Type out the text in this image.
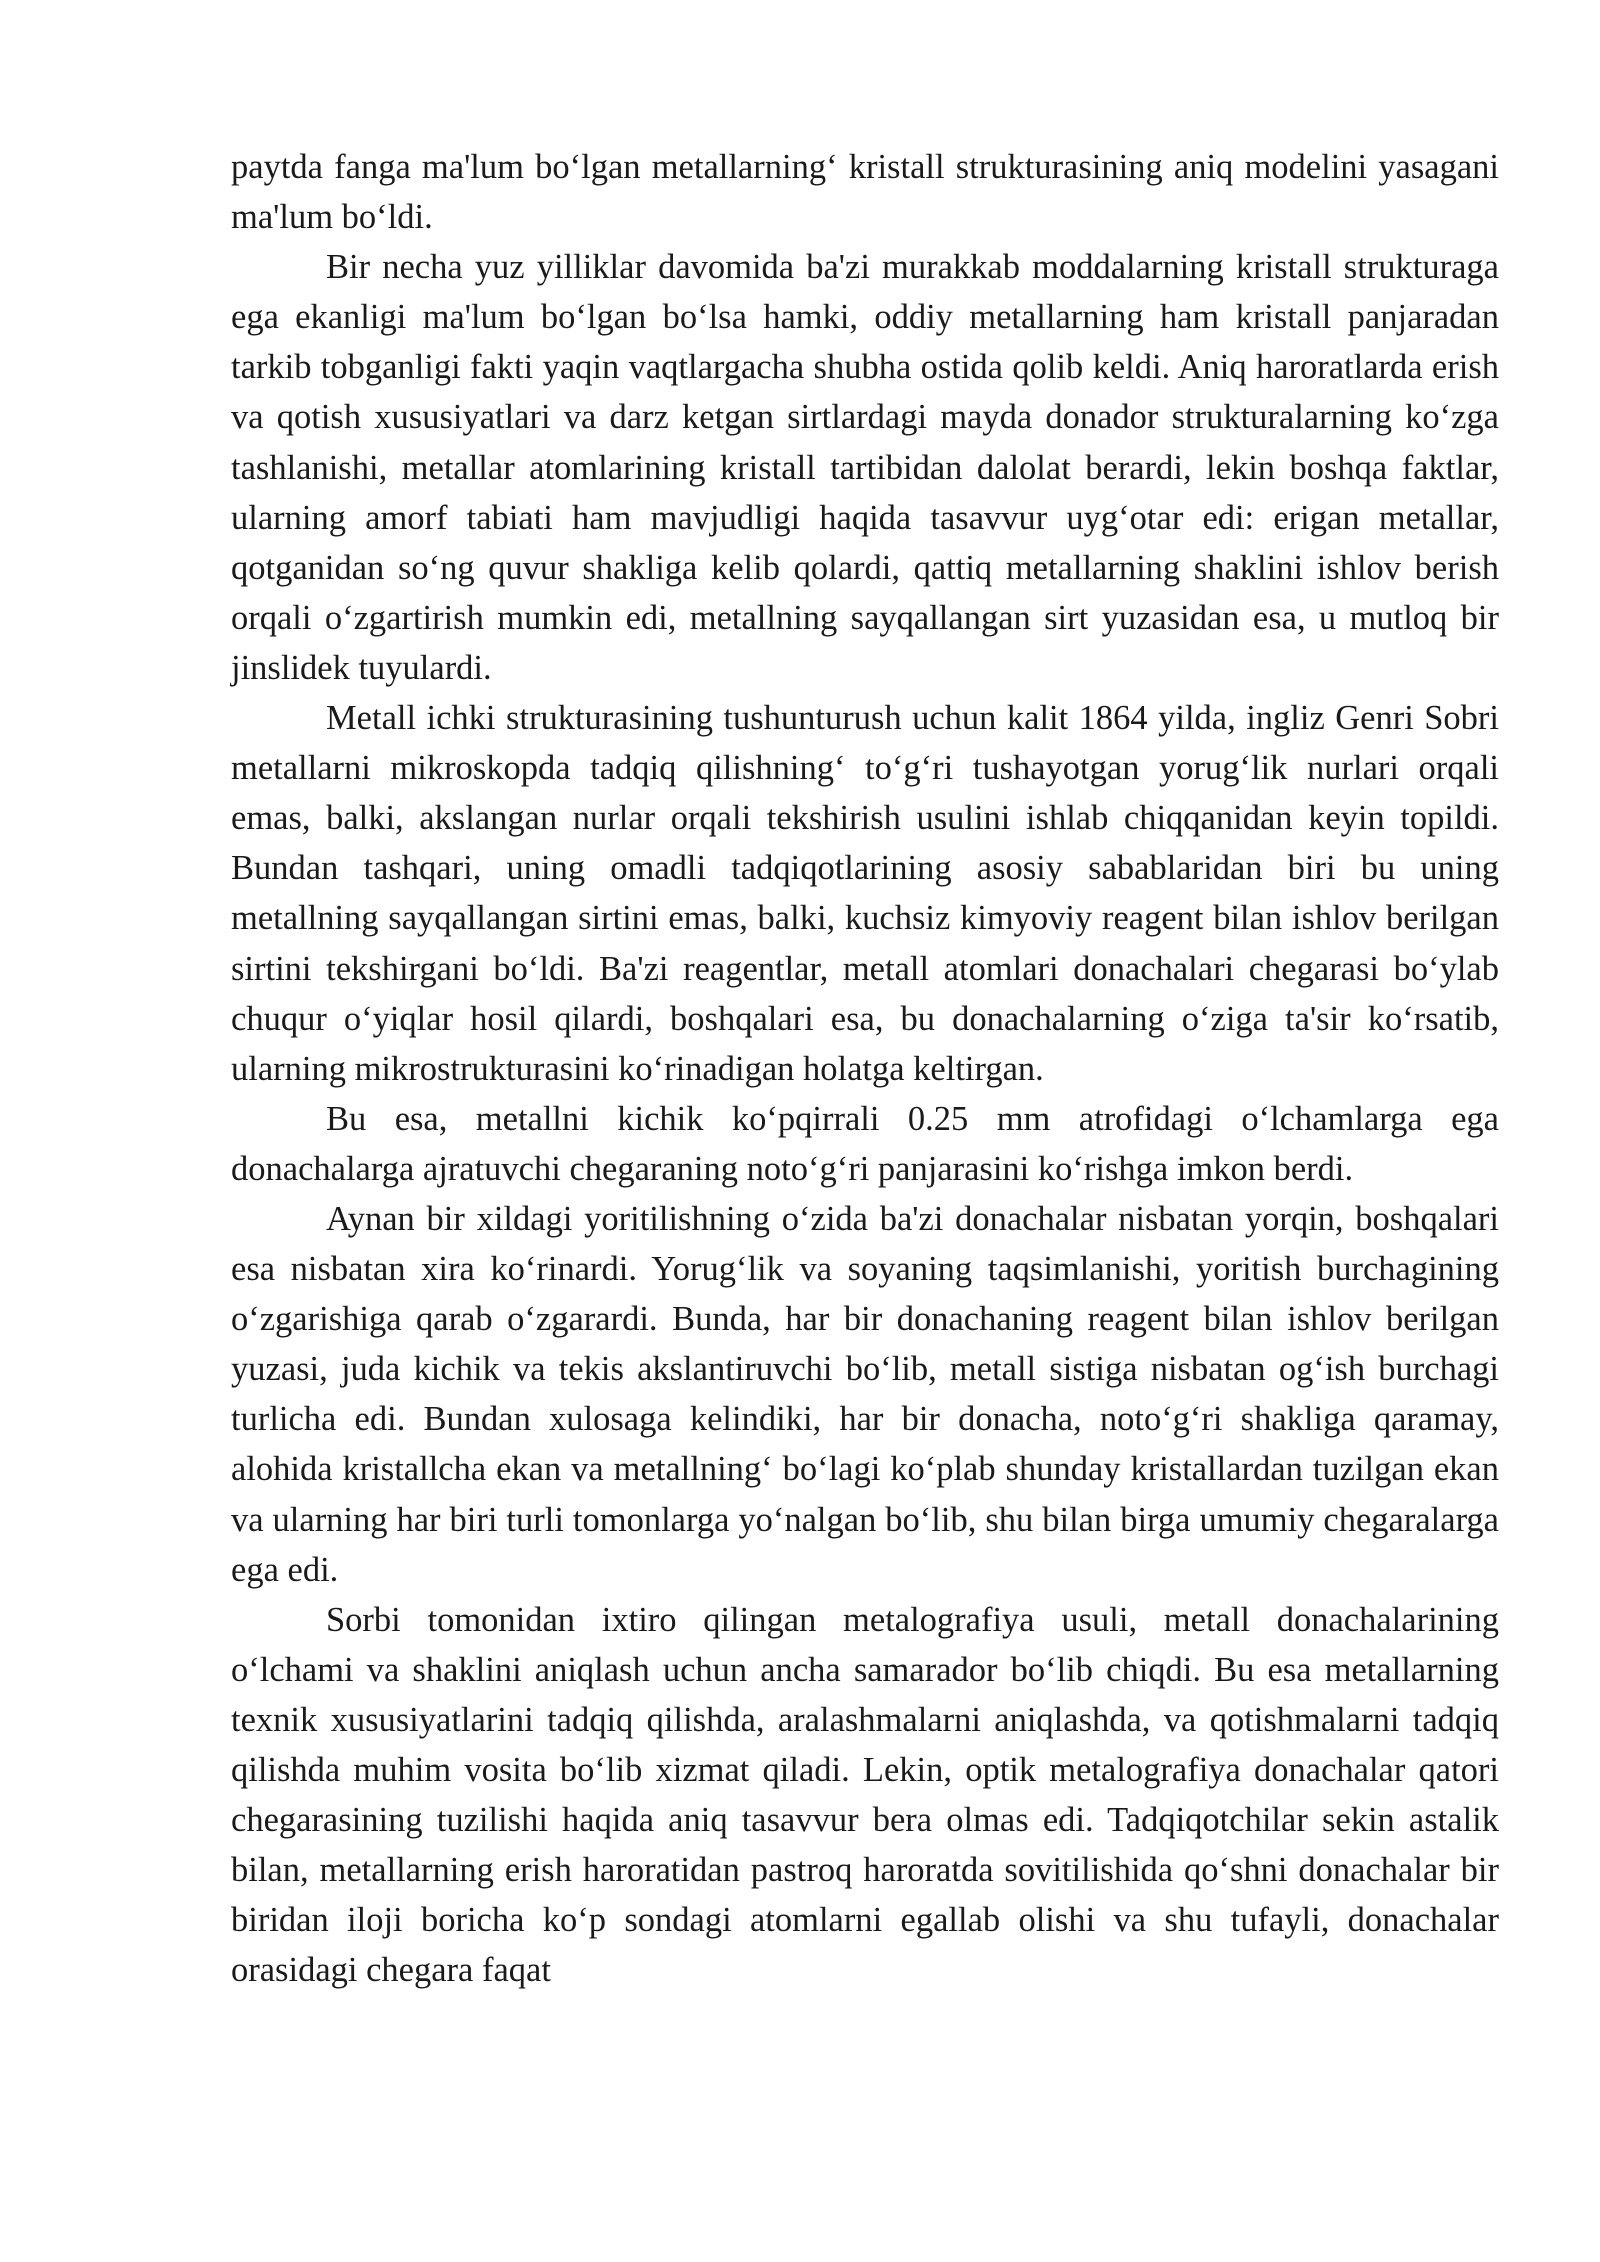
paytda fanga ma'lum bo‘lgan metallarning‘ kristall strukturasining aniq modelini yasagani ma'lum bo‘ldi.

Bir necha yuz yilliklar davomida ba'zi murakkab moddalarning kristall strukturaga ega ekanligi ma'lum bo‘lgan bo‘lsa hamki, oddiy metallarning ham kristall panjaradan tarkib tobganligi fakti yaqin vaqtlargacha shubha ostida qolib keldi. Aniq haroratlarda erish va qotish xususiyatlari va darz ketgan sirtlardagi mayda donador strukturalarning ko‘zga tashlanishi, metallar atomlarining kristall tartibidan dalolat berardi, lekin boshqa faktlar, ularning amorf tabiati ham mavjudligi haqida tasavvur uyg‘otar edi: erigan metallar, qotganidan so‘ng quvur shakliga kelib qolardi, qattiq metallarning shaklini ishlov berish orqali o‘zgartirish mumkin edi, metallning sayqallangan sirt yuzasidan esa, u mutloq bir jinslidek tuyulardi.

Metall ichki strukturasining tushunturush uchun kalit 1864 yilda, ingliz Genri Sobri metallarni mikroskopda tadqiq qilishning‘ to‘g‘ri tushayotgan yorug‘lik nurlari orqali emas, balki, akslangan nurlar orqali tekshirish usulini ishlab chiqqanidan keyin topildi. Bundan tashqari, uning omadli tadqiqotlarining asosiy sabablaridan biri bu uning metallning sayqallangan sirtini emas, balki, kuchsiz kimyoviy reagent bilan ishlov berilgan sirtini tekshirgani bo‘ldi. Ba'zi reagentlar, metall atomlari donachalari chegarasi bo‘ylab chuqur o‘yiqlar hosil qilardi, boshqalari esa, bu donachalarning o‘ziga ta'sir ko‘rsatib, ularning mikrostrukturasini ko‘rinadigan holatga keltirgan.

Bu esa, metallni kichik ko‘pqirrali 0.25 mm atrofidagi o‘lchamlarga ega donachalarga ajratuvchi chegaraning noto‘g‘ri panjarasini ko‘rishga imkon berdi.

Aynan bir xildagi yoritilishning o‘zida ba'zi donachalar nisbatan yorqin, boshqalari esa nisbatan xira ko‘rinardi. Yorug‘lik va soyaning taqsimlanishi, yoritish burchagining o‘zgarishiga qarab o‘zgarardi. Bunda, har bir donachaning reagent bilan ishlov berilgan yuzasi, juda kichik va tekis akslantiruvchi bo‘lib, metall sistiga nisbatan og‘ish burchagi turlicha edi. Bundan xulosaga kelindiki, har bir donacha, noto‘g‘ri shakliga qaramay, alohida kristallcha ekan va metallning‘ bo‘lagi ko‘plab shunday kristallardan tuzilgan ekan va ularning har biri turli tomonlarga yo‘nalgan bo‘lib, shu bilan birga umumiy chegaralarga ega edi.

Sorbi tomonidan ixtiro qilingan metalografiya usuli, metall donachalarining o‘lchami va shaklini aniqlash uchun ancha samarador bo‘lib chiqdi. Bu esa metallarning texnik xususiyatlarini tadqiq qilishda, aralashmalarni aniqlashda, va qotishmalarni tadqiq qilishda muhim vosita bo‘lib xizmat qiladi. Lekin, optik metalografiya donachalar qatori chegarasining tuzilishi haqida aniq tasavvur bera olmas edi. Tadqiqotchilar sekin astalik bilan, metallarning erish haroratidan pastroq haroratda sovitilishida qo‘shni donachalar bir biridan iloji boricha ko‘p sondagi atomlarni egallab olishi va shu tufayli, donachalar orasidagi chegara faqat
